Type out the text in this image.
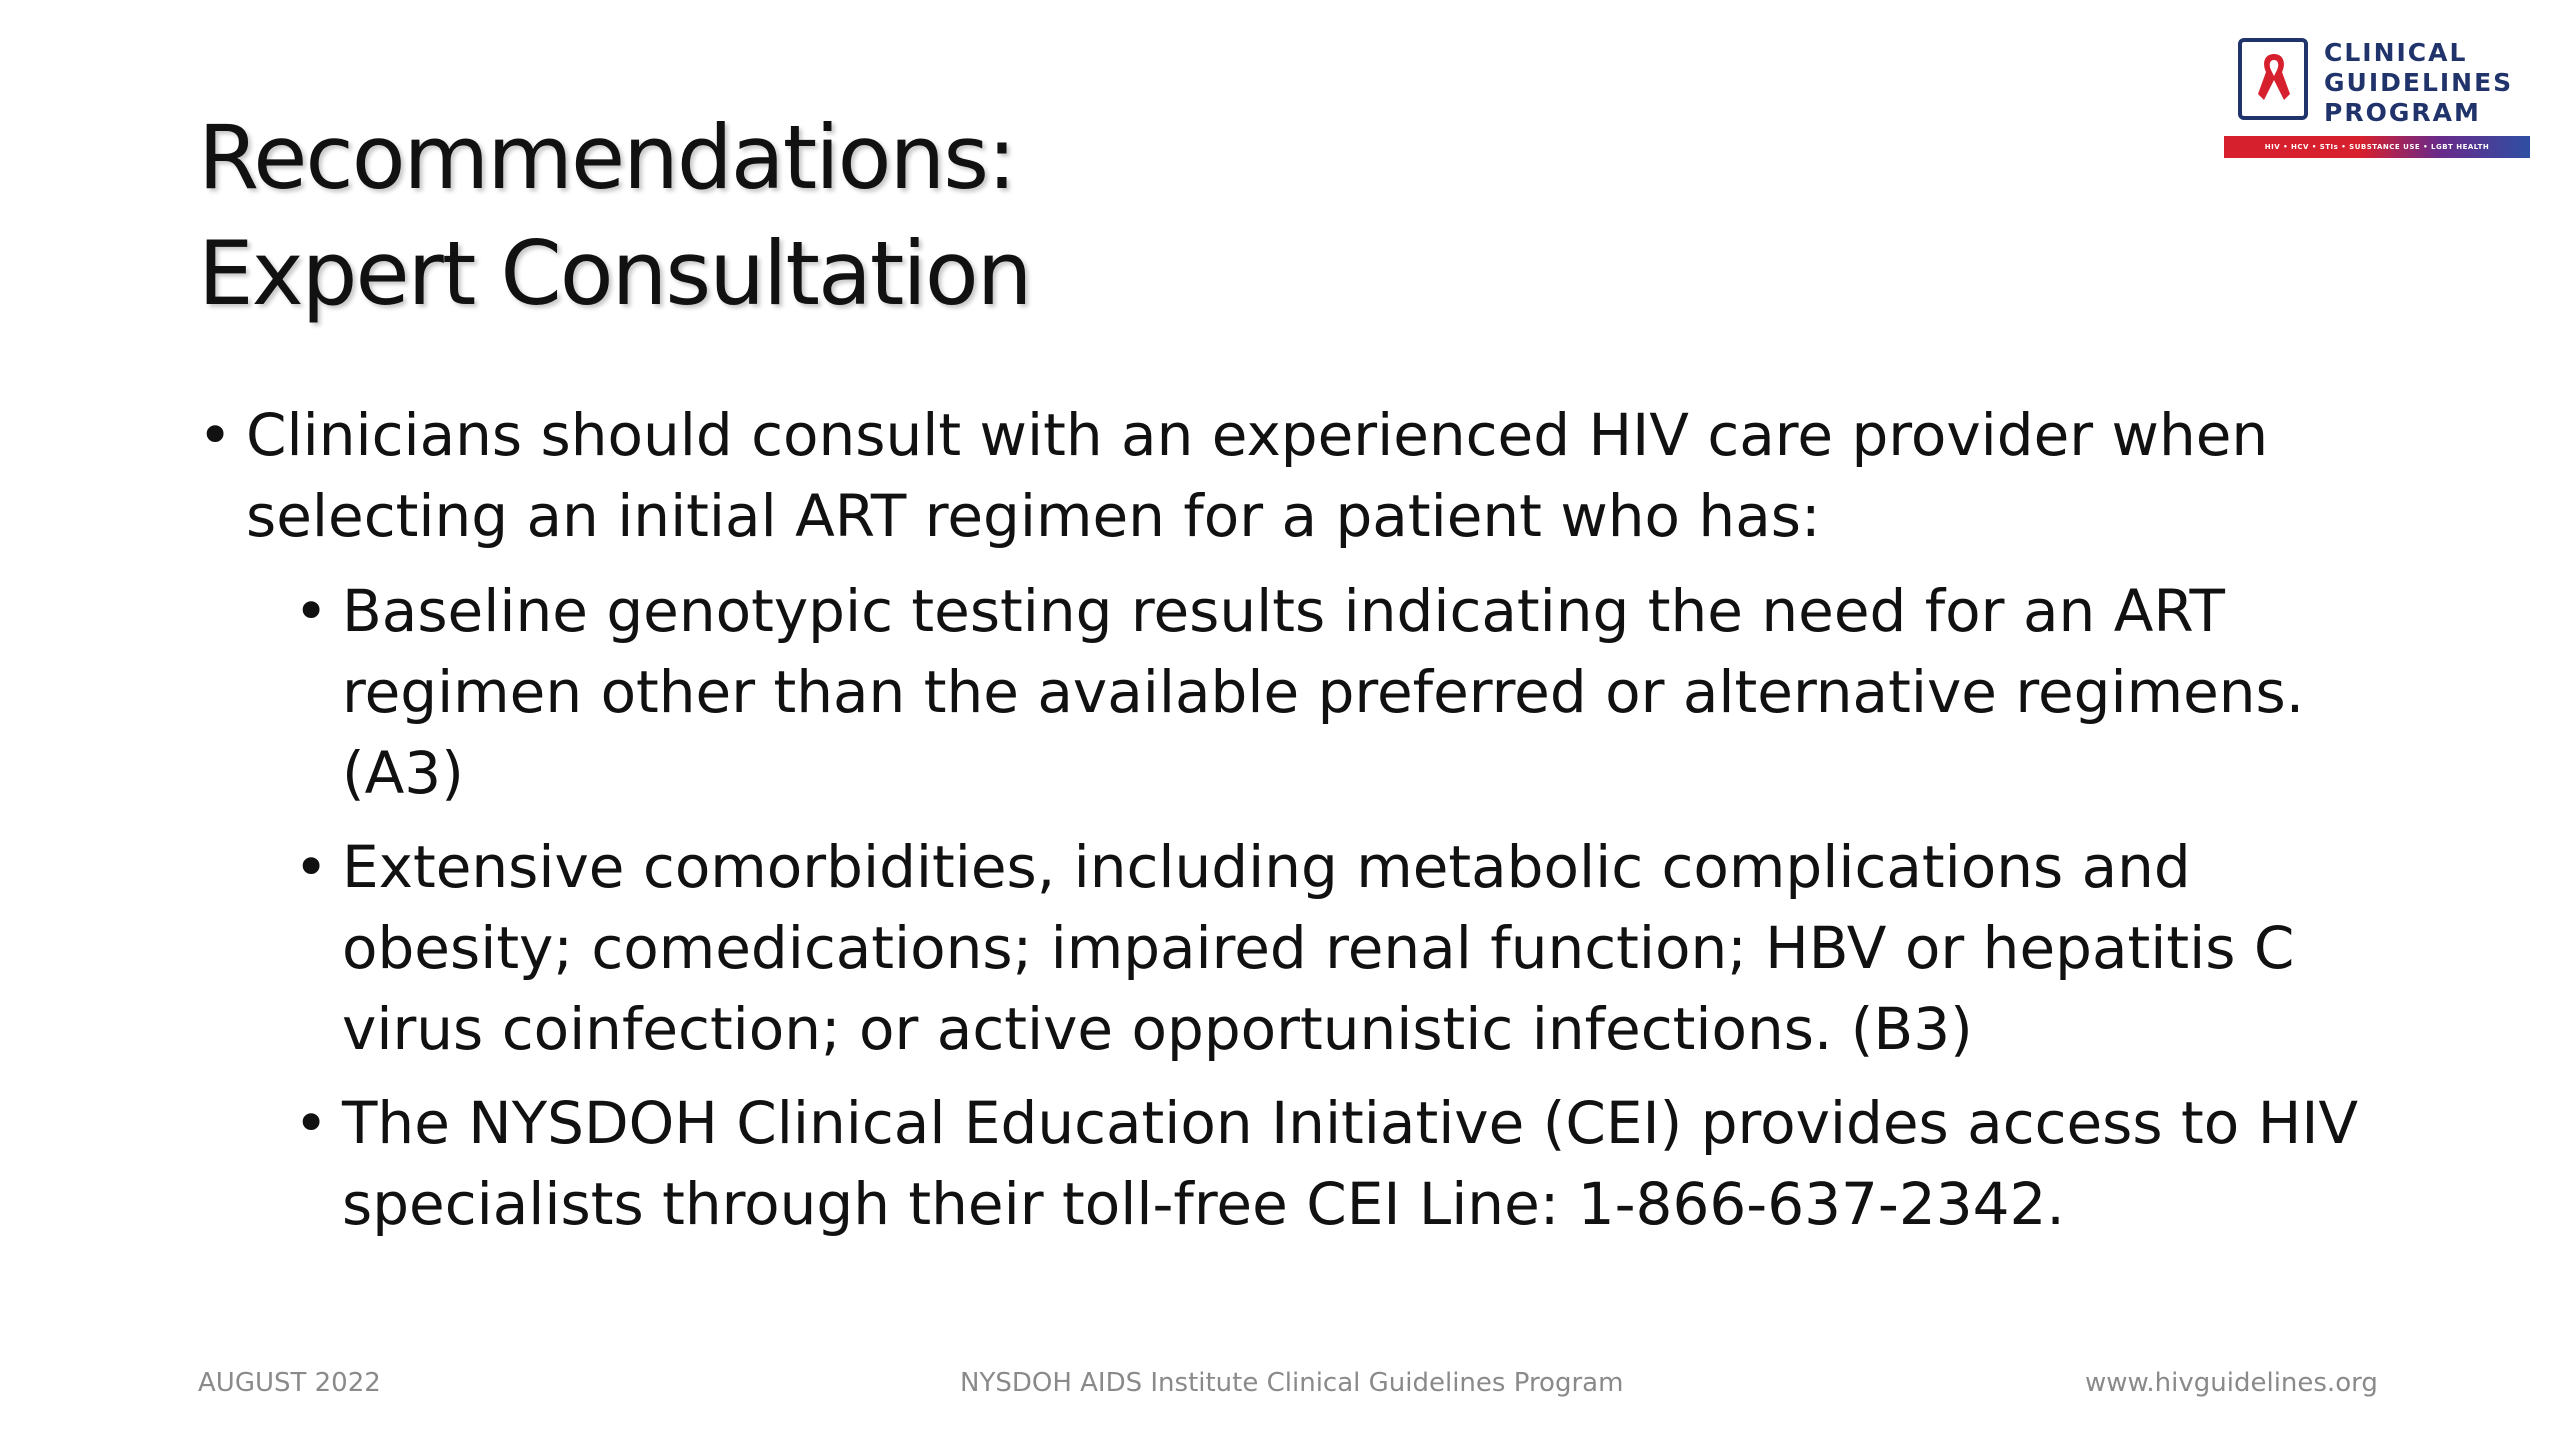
Recommendations:
Expert Consultation
CLINICAL
GUIDELINES
PROGRAM
HIV • HCV • STIs • SUBSTANCE USE • LGBT HEALTH
• Clinicians should consult with an experienced HIV care provider when selecting an initial ART regimen for a patient who has:
• Baseline genotypic testing results indicating the need for an ART regimen other than the available preferred or alternative regimens. (A3)
• Extensive comorbidities, including metabolic complications and obesity; comedications; impaired renal function; HBV or hepatitis C virus coinfection; or active opportunistic infections. (B3)
• The NYSDOH Clinical Education Initiative (CEI) provides access to HIV specialists through their toll-free CEI Line: 1-866-637-2342.
AUGUST 2022	NYSDOH AIDS Institute Clinical Guidelines Program	www.hivguidelines.org
